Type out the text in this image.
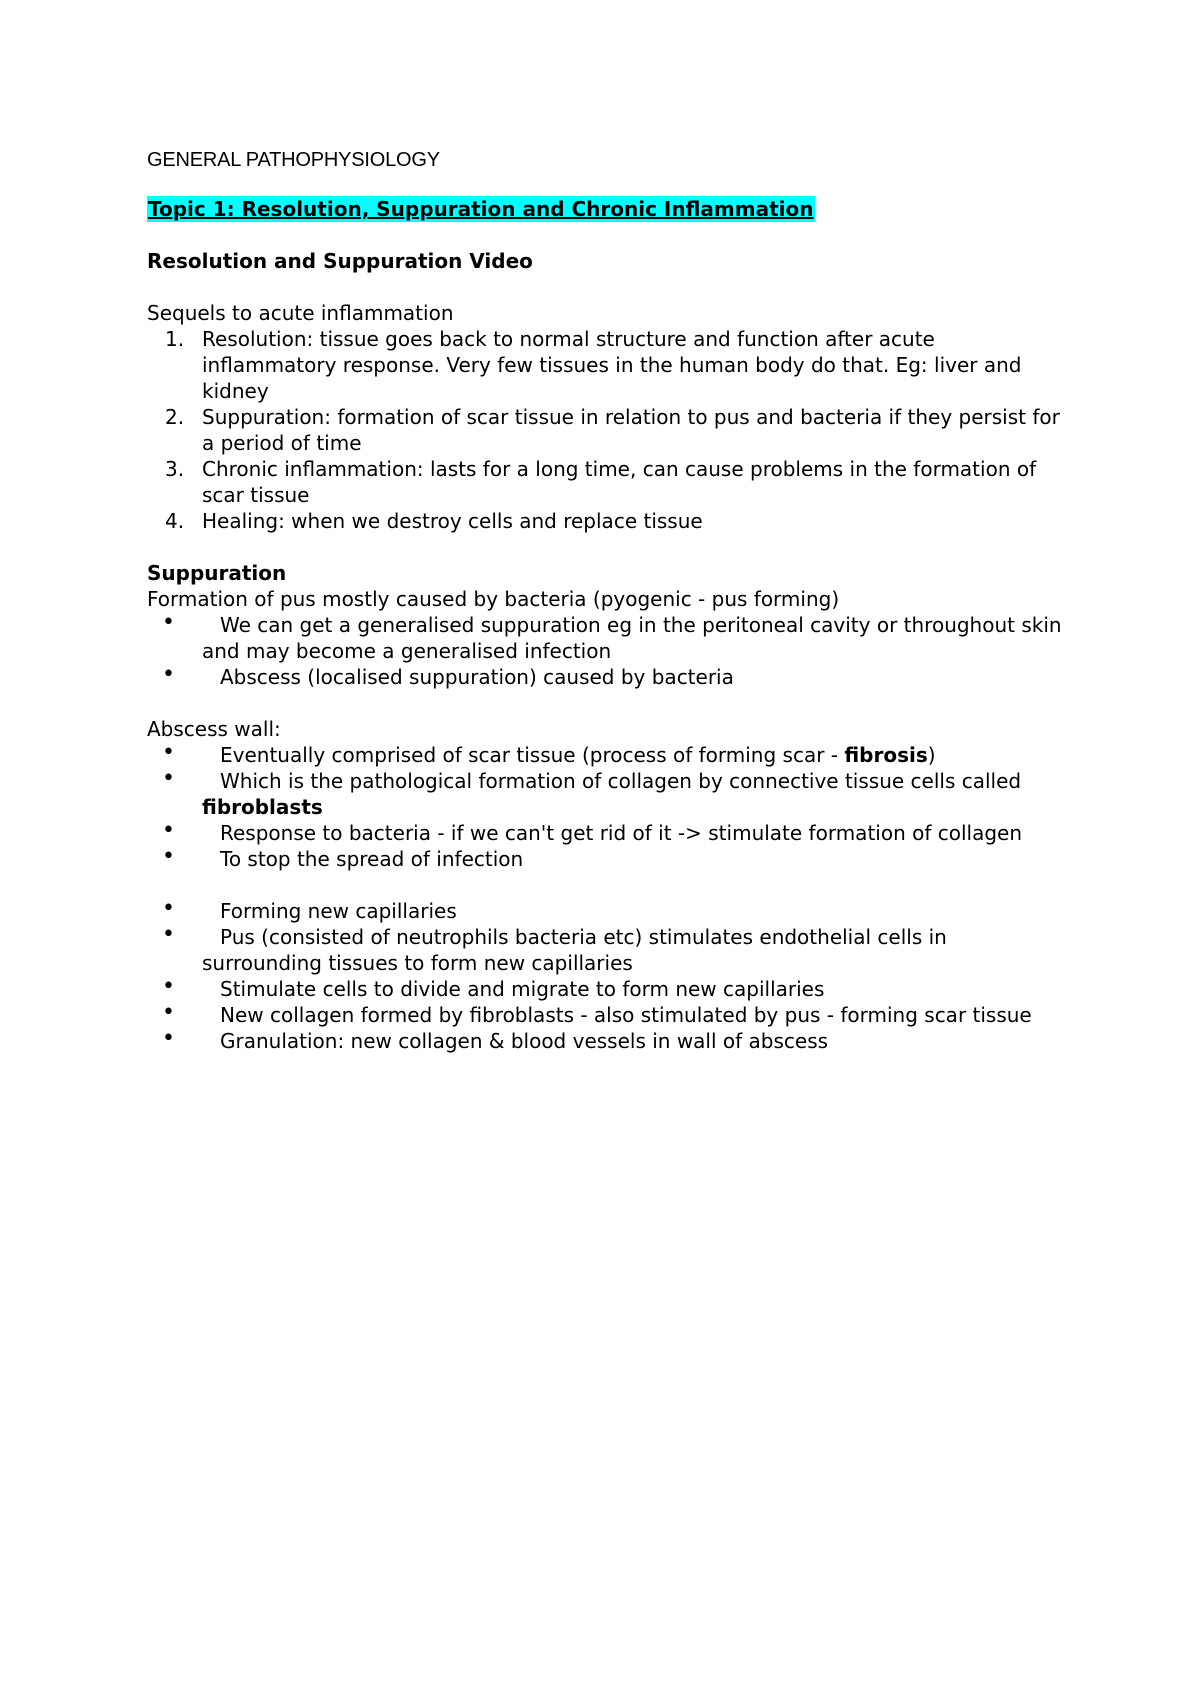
GENERAL PATHOPHYSIOLOGY
Topic 1: Resolution, Suppuration and Chronic Inflammation

Resolution and Suppuration Video

Sequels to acute inflammation

1. Resolution: tissue goes back to normal structure and function after acute inflammatory response. Very few tissues in the human body do that. Eg: liver and kidney
2. Suppuration: formation of scar tissue in relation to pus and bacteria if they persist for a period of time
3. Chronic inflammation: lasts for a long time, can cause problems in the formation of scar tissue
4. Healing: when we destroy cells and replace tissue

Suppuration

Formation of pus mostly caused by bacteria (pyogenic - pus forming)

•	We can get a generalised suppuration eg in the peritoneal cavity or throughout skin and may become a generalised infection
•	Abscess (localised suppuration) caused by bacteria

Abscess wall:

•	Eventually comprised of scar tissue (process of forming scar - fibrosis)
•	Which is the pathological formation of collagen by connective tissue cells called fibroblasts
•	Response to bacteria - if we can't get rid of it -> stimulate formation of collagen
•	To stop the spread of infection
•	Forming new capillaries
•	Pus (consisted of neutrophils bacteria etc) stimulates endothelial cells in surrounding tissues to form new capillaries
•	Stimulate cells to divide and migrate to form new capillaries
•	New collagen formed by fibroblasts - also stimulated by pus - forming scar tissue
•	Granulation: new collagen & blood vessels in wall of abscess
